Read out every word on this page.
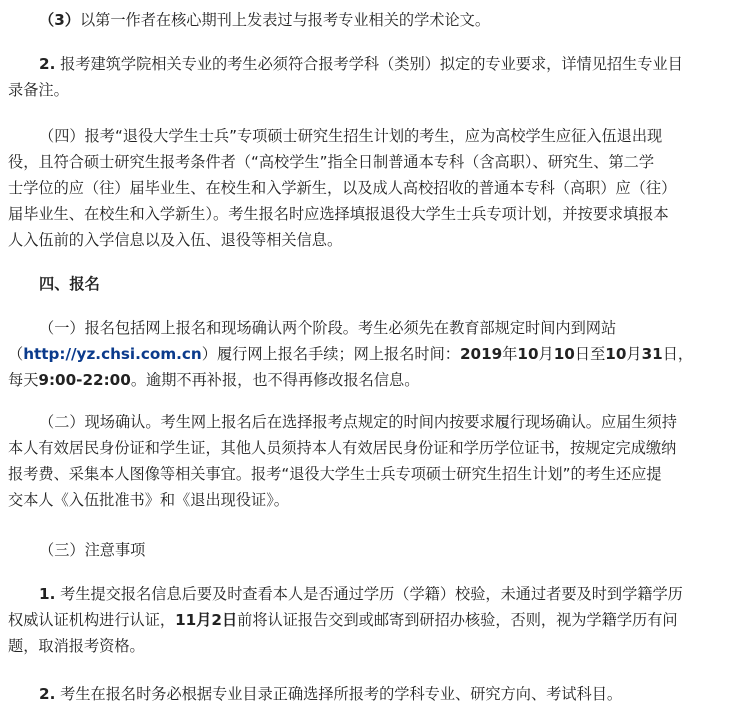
（3）以第一作者在核心期刊上发表过与报考专业相关的学术论文。

2. 报考建筑学院相关专业的考生必须符合报考学科（类别）拟定的专业要求，详情见招生专业目

录备注。

（四）报考“退役大学生士兵”专项硕士研究生招生计划的考生，应为高校学生应征入伍退出现

役，且符合硕士研究生报考条件者（“高校学生”指全日制普通本专科（含高职）、研究生、第二学

士学位的应（往）届毕业生、在校生和入学新生，以及成人高校招收的普通本专科（高职）应（往）

届毕业生、在校生和入学新生）。考生报名时应选择填报退役大学生士兵专项计划，并按要求填报本

人入伍前的入学信息以及入伍、退役等相关信息。

四、报名

（一）报名包括网上报名和现场确认两个阶段。考生必须先在教育部规定时间内到网站

（http://yz.chsi.com.cn）履行网上报名手续；网上报名时间：2019年10月10日至10月31日，

每天9:00-22:00。逾期不再补报，也不得再修改报名信息。

（二）现场确认。考生网上报名后在选择报考点规定的时间内按要求履行现场确认。应届生须持

本人有效居民身份证和学生证，其他人员须持本人有效居民身份证和学历学位证书，按规定完成缴纳

报考费、采集本人图像等相关事宜。报考“退役大学生士兵专项硕士研究生招生计划”的考生还应提

交本人《入伍批准书》和《退出现役证》。

（三）注意事项

1. 考生提交报名信息后要及时查看本人是否通过学历（学籍）校验，未通过者要及时到学籍学历

权威认证机构进行认证，11月2日前将认证报告交到或邮寄到研招办核验，否则，视为学籍学历有问

题，取消报考资格。

2. 考生在报名时务必根据专业目录正确选择所报考的学科专业、研究方向、考试科目。
